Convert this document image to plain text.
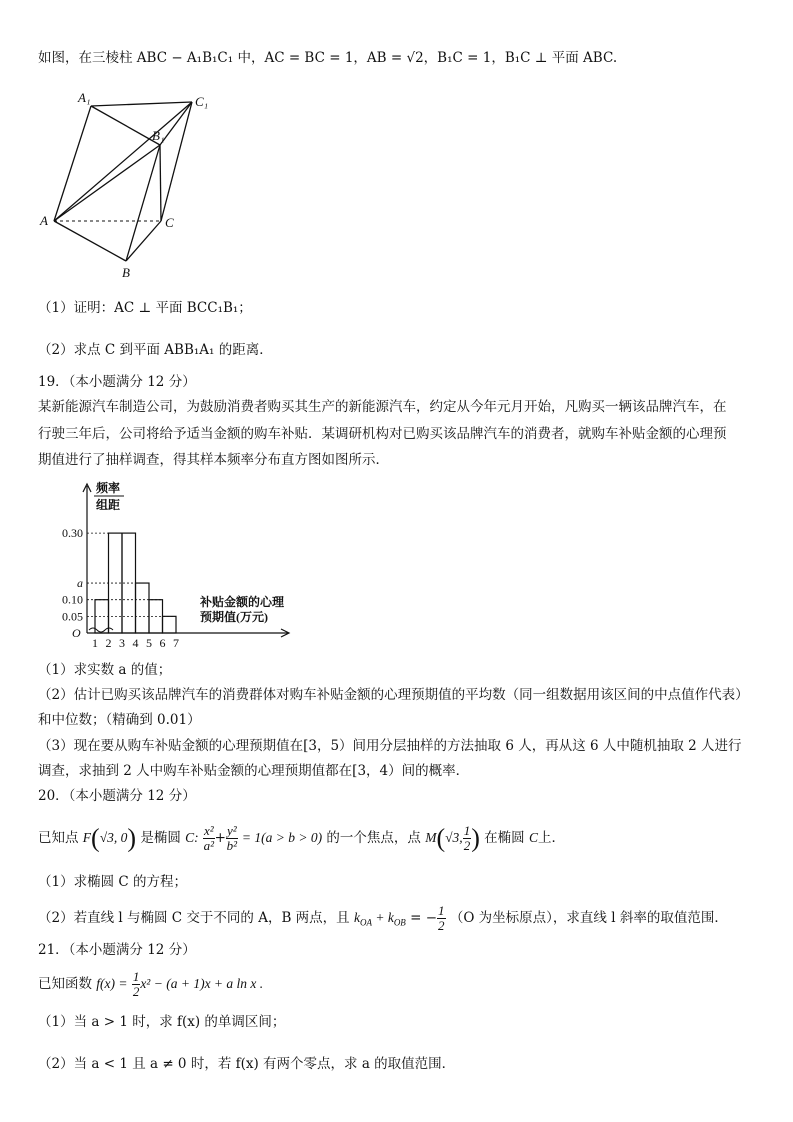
如图，在三棱柱 ABC − A₁B₁C₁ 中，AC = BC = 1，AB = √2，B₁C = 1，B₁C ⊥ 平面 ABC.
A₁	C₁
B₁
A	C
B
（1）证明：AC ⊥ 平面 BCC₁B₁；
（2）求点 C 到平面 ABB₁A₁ 的距离．
19．（本小题满分 12 分）
某新能源汽车制造公司，为鼓励消费者购买其生产的新能源汽车，约定从今年元月开始，凡购买一辆该品牌汽车，在
行驶三年后，公司将给予适当金额的购车补贴．某调研机构对已购买该品牌汽车的消费者，就购车补贴金额的心理预
期值进行了抽样调查，得其样本频率分布直方图如图所示．
频率
组距
补贴金额的心理
预期值(万元)
O
0.30
a
0.10
0.05
1 2 3 4 5 6 7
（1）求实数 a 的值；
（2）估计已购买该品牌汽车的消费群体对购车补贴金额的心理预期值的平均数（同一组数据用该区间的中点值作代表）
和中位数；（精确到 0.01）
（3）现在要从购车补贴金额的心理预期值在[3，5）间用分层抽样的方法抽取 6 人，再从这 6 人中随机抽取 2 人进行
调查，求抽到 2 人中购车补贴金额的心理预期值都在[3，4）间的概率．
20．（本小题满分 12 分）
已知点 F(√3, 0) 是椭圆 C: $\frac{\text{x²}}{\text{a²}} + \frac{\text{y²}}{\text{b²}} = 1(a > b > 0)$ 的一个焦点，点 M(√3, $\frac{1}{2}$ ) 在椭圆 C上．
（1）求椭圆 C 的方程；
（2）若直线 l 与椭圆 C 交于不同的 A，B 两点，且 $k_{OA} + k_{OB}$ = − $\frac{1}{2} (O$ 为坐标原点），求直线 l 斜率的取值范围．
21．（本小题满分 12 分）
已知函数 $f(x) = \frac{1}{2} x^2 - (a + 1)x + a$ ln x .
（1）当 a > 1 时，求 f(x) 的单调区间；
（2）当 a < 1 且 a ≠ 0 时，若 f(x) 有两个零点，求 a 的取值范围．
